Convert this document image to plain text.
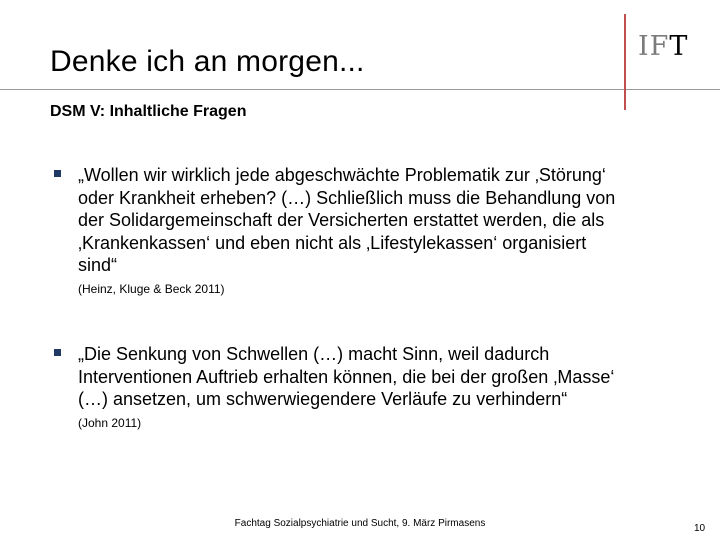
Denke ich an morgen...	IFT
DSM V: Inhaltliche Fragen
„Wollen wir wirklich jede abgeschwächte Problematik zur ‚Störung‘
oder Krankheit erheben? (…) Schließlich muss die Behandlung von
der Solidargemeinschaft der Versicherten erstattet werden, die als
‚Krankenkassen‘ und eben nicht als ‚Lifestylekassen‘ organisiert
sind“
(Heinz, Kluge & Beck 2011)
„Die Senkung von Schwellen (…) macht Sinn, weil dadurch
Interventionen Auftrieb erhalten können, die bei der großen ‚Masse‘
(…) ansetzen, um schwerwiegendere Verläufe zu verhindern“
(John 2011)
Fachtag Sozialpsychiatrie und Sucht, 9. März Pirmasens	10
